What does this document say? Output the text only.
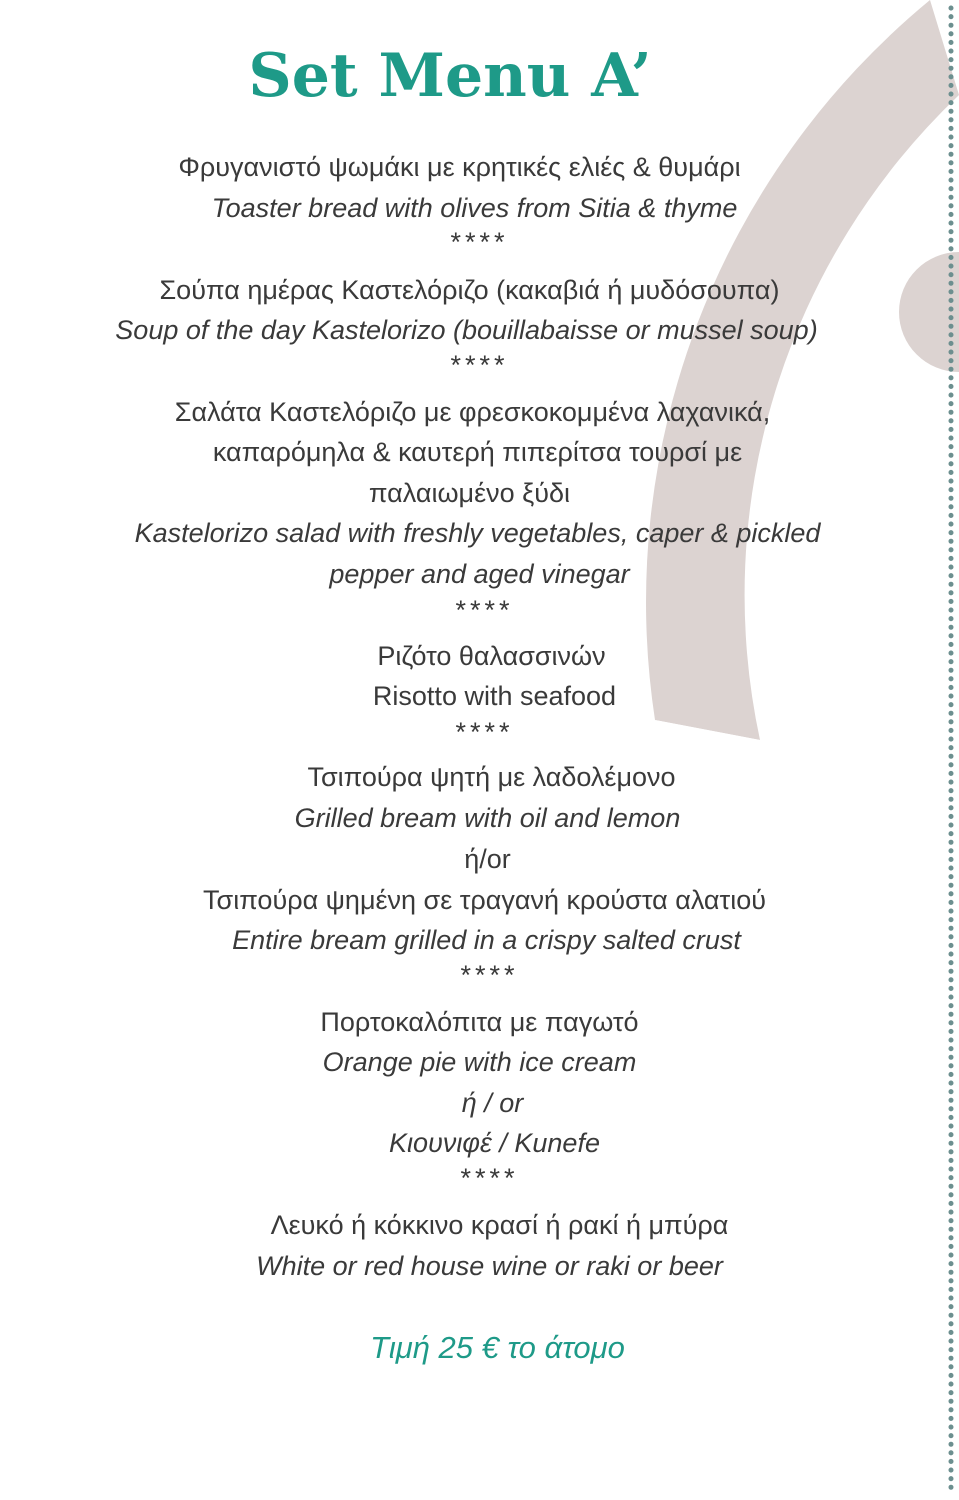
Set Menu A’
Φρυγανιστό ψωμάκι με κρητικές ελιές & θυμάρι
Toaster bread with olives from Sitia & thyme
****
Σούπα ημέρας Καστελόριζο (κακαβιά ή μυδόσουπα)
Soup of the day Kastelorizo (bouillabaisse or mussel soup)
****
Σαλάτα Καστελόριζο με φρεσκοκομμένα λαχανικά,
καπαρόμηλα & καυτερή πιπερίτσα τουρσί με
παλαιωμένο ξύδι
Kastelorizo salad with freshly vegetables, caper & pickled
pepper and aged vinegar
****
Ριζότο θαλασσινών
Risotto with seafood
****
Τσιπούρα ψητή με λαδολέμονο
Grilled bream with oil and lemon
ή/or
Τσιπούρα ψημένη σε τραγανή κρούστα αλατιού
Entire bream grilled in a crispy salted crust
****
Πορτοκαλόπιτα με παγωτό
Orange pie with ice cream
ή / or
Κιουνιφέ / Kunefe
****
Λευκό ή κόκκινο κρασί ή ρακί ή μπύρα
White or red house wine or raki or beer
Τιμή 25 € το άτομο
